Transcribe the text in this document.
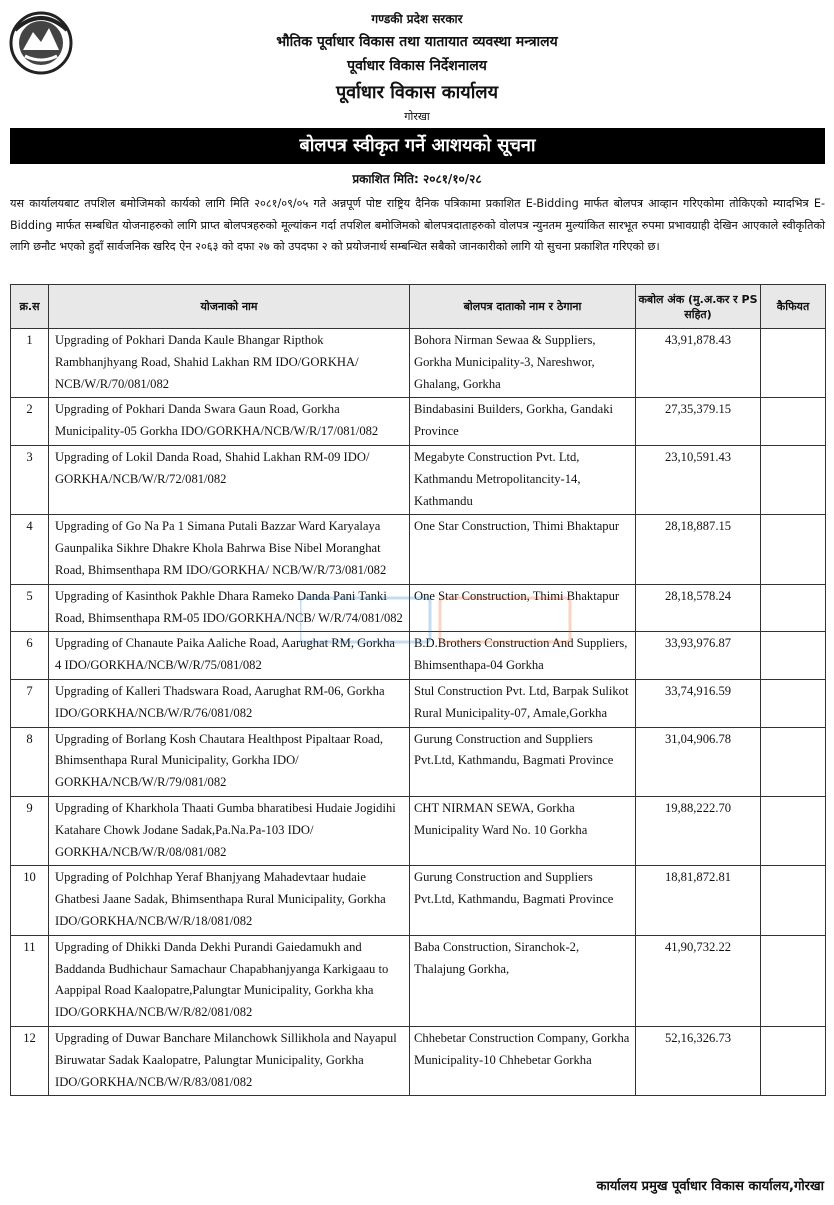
गण्डकी प्रदेश सरकार
भौतिक पूर्वाधार विकास तथा यातायात व्यवस्था मन्त्रालय
पूर्वाधार विकास निर्देशनालय
पूर्वाधार विकास कार्यालय
गोरखा
बोलपत्र स्वीकृत गर्ने आशयको सूचना
प्रकाशित मिति: २०८१/१०/२८
यस कार्यालयबाट तपशिल बमोजिमको कार्यको लागि मिति २०८१/०९/०५ गते अन्नपूर्ण पोष्ट राष्ट्रिय दैनिक पत्रिकामा प्रकाशित E-Bidding मार्फत बोलपत्र आव्हान गरिएकोमा तोकिएको म्यादभित्र E-Bidding मार्फत सम्बधित योजनाहरुको लागि प्राप्त बोलपत्रहरुको मूल्यांकन गर्दा तपशिल बमोजिमको बोलपत्रदाताहरुको वोलपत्र न्युनतम मुल्यांकित सारभूत रुपमा प्रभावग्राही देखिन आएकाले स्वीकृतिको लागि छनौट भएको हुदाँ सार्वजनिक खरिद ऐन २०६३ को दफा २७ को उपदफा २ को प्रयोजनार्थ सम्बन्धित सबैको जानकारीको लागि यो सुचना प्रकाशित गरिएको छ।
क्र.स	योजनाको नाम	बोलपत्र दाताको नाम र ठेगाना	कबोल अंक (मु.अ.कर र PS सहित)	कैफियत
1	Upgrading of Pokhari Danda Kaule Bhangar Ripthok Rambhanjhyang Road, Shahid Lakhan RM IDO/GORKHA/ NCB/W/R/70/081/082	Bohora Nirman Sewaa & Suppliers, Gorkha Municipality-3, Nareshwor, Ghalang, Gorkha	43,91,878.43	
2	Upgrading of Pokhari Danda Swara Gaun Road, Gorkha Municipality-05 Gorkha IDO/GORKHA/NCB/W/R/17/081/082	Bindabasini Builders, Gorkha, Gandaki Province	27,35,379.15	
3	Upgrading of Lokil Danda Road, Shahid Lakhan RM-09 IDO/ GORKHA/NCB/W/R/72/081/082	Megabyte Construction Pvt. Ltd, Kathmandu Metropolitancity-14, Kathmandu	23,10,591.43	
4	Upgrading of Go Na Pa 1 Simana Putali Bazzar Ward Karyalaya Gaunpalika Sikhre Dhakre Khola Bahrwa Bise Nibel Moranghat Road, Bhimsenthapa RM IDO/GORKHA/ NCB/W/R/73/081/082	One Star Construction, Thimi Bhaktapur	28,18,887.15	
5	Upgrading of Kasinthok Pakhle Dhara Rameko Danda Pani Tanki Road, Bhimsenthapa RM-05 IDO/GORKHA/NCB/ W/R/74/081/082	One Star Construction, Thimi Bhaktapur	28,18,578.24	
6	Upgrading of Chanaute Paika Aaliche Road, Aarughat RM, Gorkha 4 IDO/GORKHA/NCB/W/R/75/081/082	B.D.Brothers Construction And Suppliers, Bhimsenthapa-04 Gorkha	33,93,976.87	
7	Upgrading of Kalleri Thadswara Road, Aarughat RM-06, Gorkha IDO/GORKHA/NCB/W/R/76/081/082	Stul Construction Pvt. Ltd, Barpak Sulikot Rural Municipality-07, Amale,Gorkha	33,74,916.59	
8	Upgrading of Borlang Kosh Chautara Healthpost Pipaltaar Road, Bhimsenthapa Rural Municipality, Gorkha IDO/ GORKHA/NCB/W/R/79/081/082	Gurung Construction and Suppliers Pvt.Ltd, Kathmandu, Bagmati Province	31,04,906.78	
9	Upgrading of Kharkhola Thaati Gumba bharatibesi Hudaie Jogidihi Katahare Chowk Jodane Sadak,Pa.Na.Pa-103 IDO/ GORKHA/NCB/W/R/08/081/082	CHT NIRMAN SEWA, Gorkha Municipality Ward No. 10 Gorkha	19,88,222.70	
10	Upgrading of Polchhap Yeraf Bhanjyang Mahadevtaar hudaie Ghatbesi Jaane Sadak, Bhimsenthapa Rural Municipality, Gorkha IDO/GORKHA/NCB/W/R/18/081/082	Gurung Construction and Suppliers Pvt.Ltd, Kathmandu, Bagmati Province	18,81,872.81	
11	Upgrading of Dhikki Danda Dekhi Purandi Gaiedamukh and Baddanda Budhichaur Samachaur Chapabhanjyanga Karkigaau to Aappipal Road Kaalopatre,Palungtar Municipality, Gorkha kha IDO/GORKHA/NCB/W/R/82/081/082	Baba Construction, Siranchok-2, Thalajung Gorkha,	41,90,732.22	
12	Upgrading of Duwar Banchare Milanchowk Sillikhola and Nayapul Biruwatar Sadak Kaalopatre, Palungtar Municipality, Gorkha IDO/GORKHA/NCB/W/R/83/081/082	Chhebetar Construction Company, Gorkha Municipality-10 Chhebetar Gorkha	52,16,326.73	
कार्यालय प्रमुख पूर्वाधार विकास कार्यालय,गोरखा
